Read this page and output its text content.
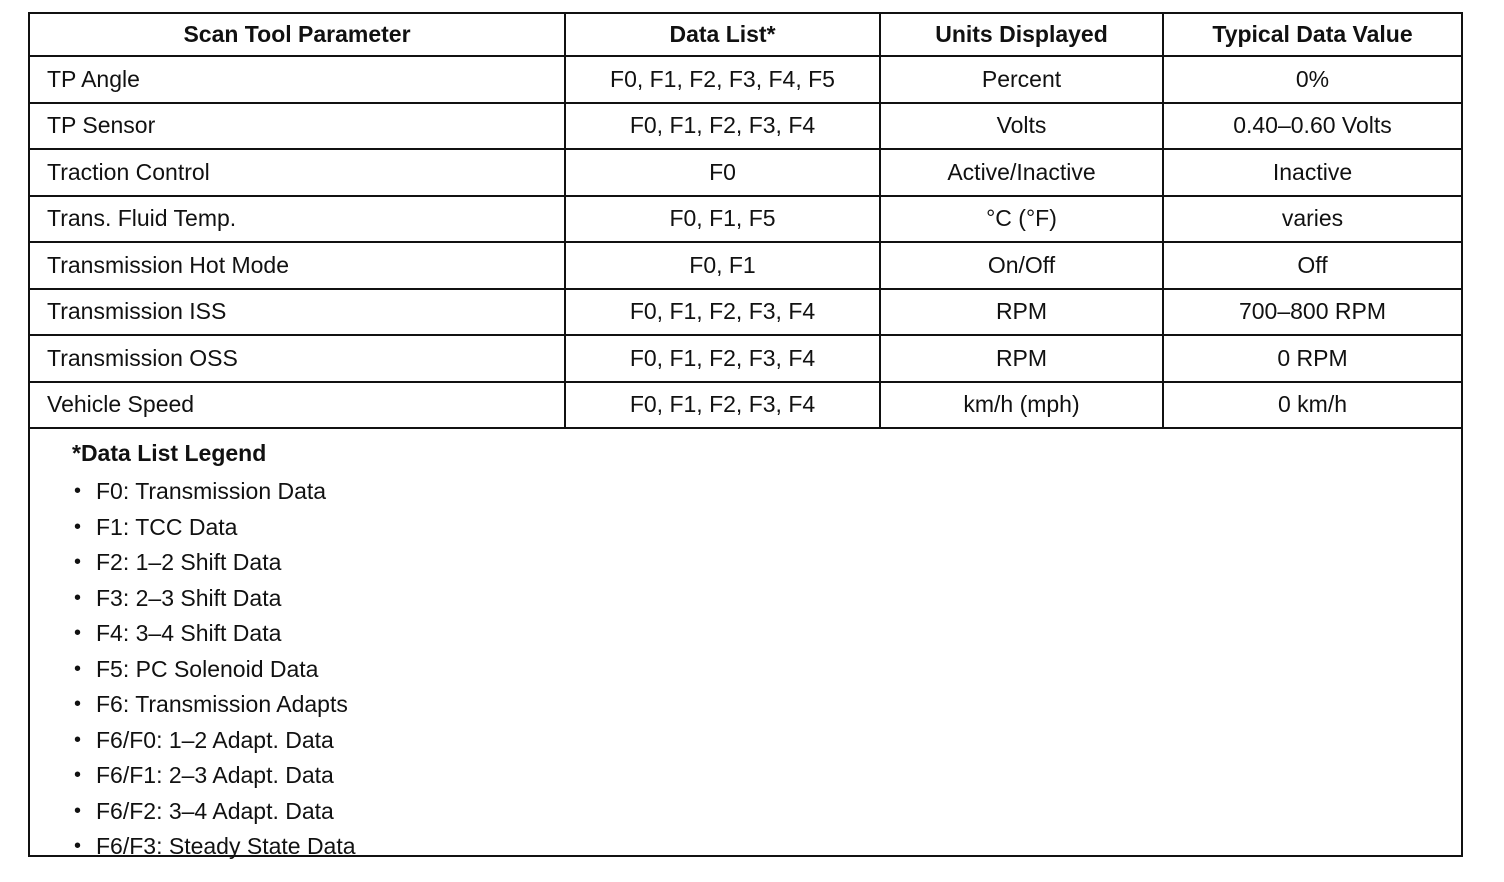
Scan Tool Parameter	Data List*	Units Displayed	Typical Data Value
TP Angle	F0, F1, F2, F3, F4, F5	Percent	0%
TP Sensor	F0, F1, F2, F3, F4	Volts	0.40–0.60 Volts
Traction Control	F0	Active/Inactive	Inactive
Trans. Fluid Temp.	F0, F1, F5	°C (°F)	varies
Transmission Hot Mode	F0, F1	On/Off	Off
Transmission ISS	F0, F1, F2, F3, F4	RPM	700–800 RPM
Transmission OSS	F0, F1, F2, F3, F4	RPM	0 RPM
Vehicle Speed	F0, F1, F2, F3, F4	km/h (mph)	0 km/h
*Data List Legend
• F0: Transmission Data
• F1: TCC Data
• F2: 1–2 Shift Data
• F3: 2–3 Shift Data
• F4: 3–4 Shift Data
• F5: PC Solenoid Data
• F6: Transmission Adapts
• F6/F0: 1–2 Adapt. Data
• F6/F1: 2–3 Adapt. Data
• F6/F2: 3–4 Adapt. Data
• F6/F3: Steady State Data
